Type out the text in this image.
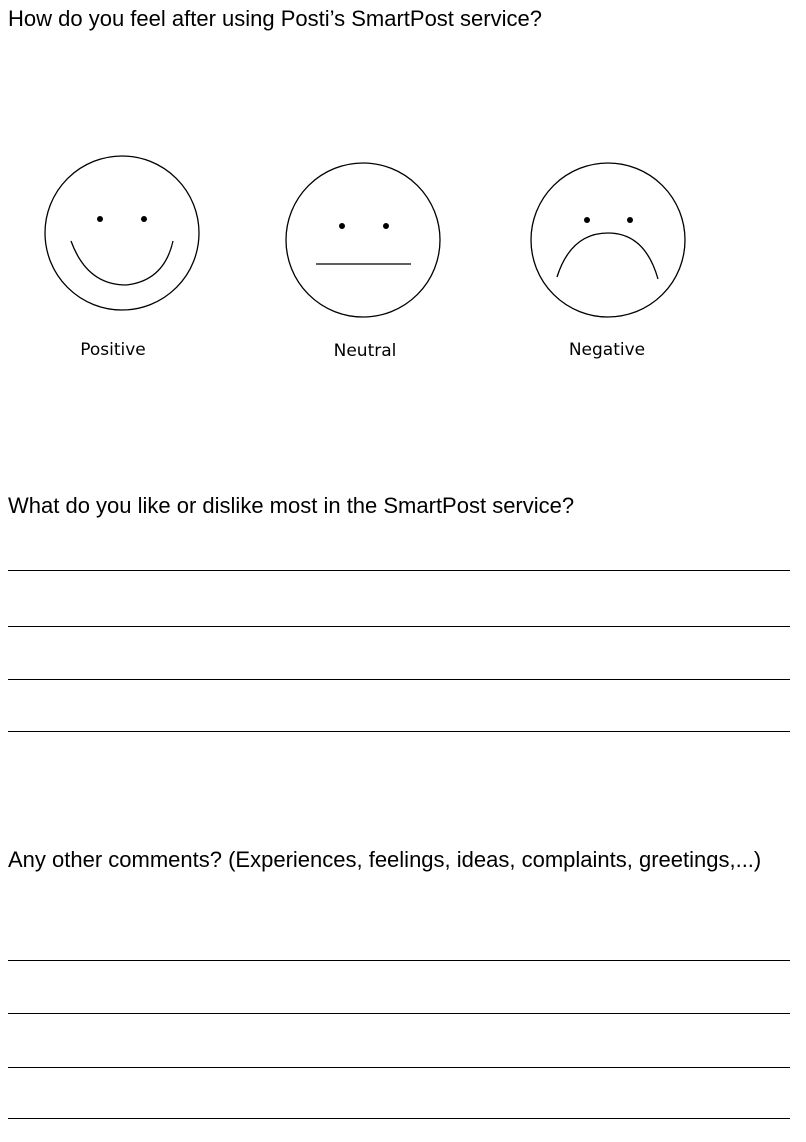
How do you feel after using Posti’s SmartPost service?

Positive	Neutral	Negative

What do you like or dislike most in the SmartPost service?

Any other comments? (Experiences, feelings, ideas, complaints, greetings,...)
